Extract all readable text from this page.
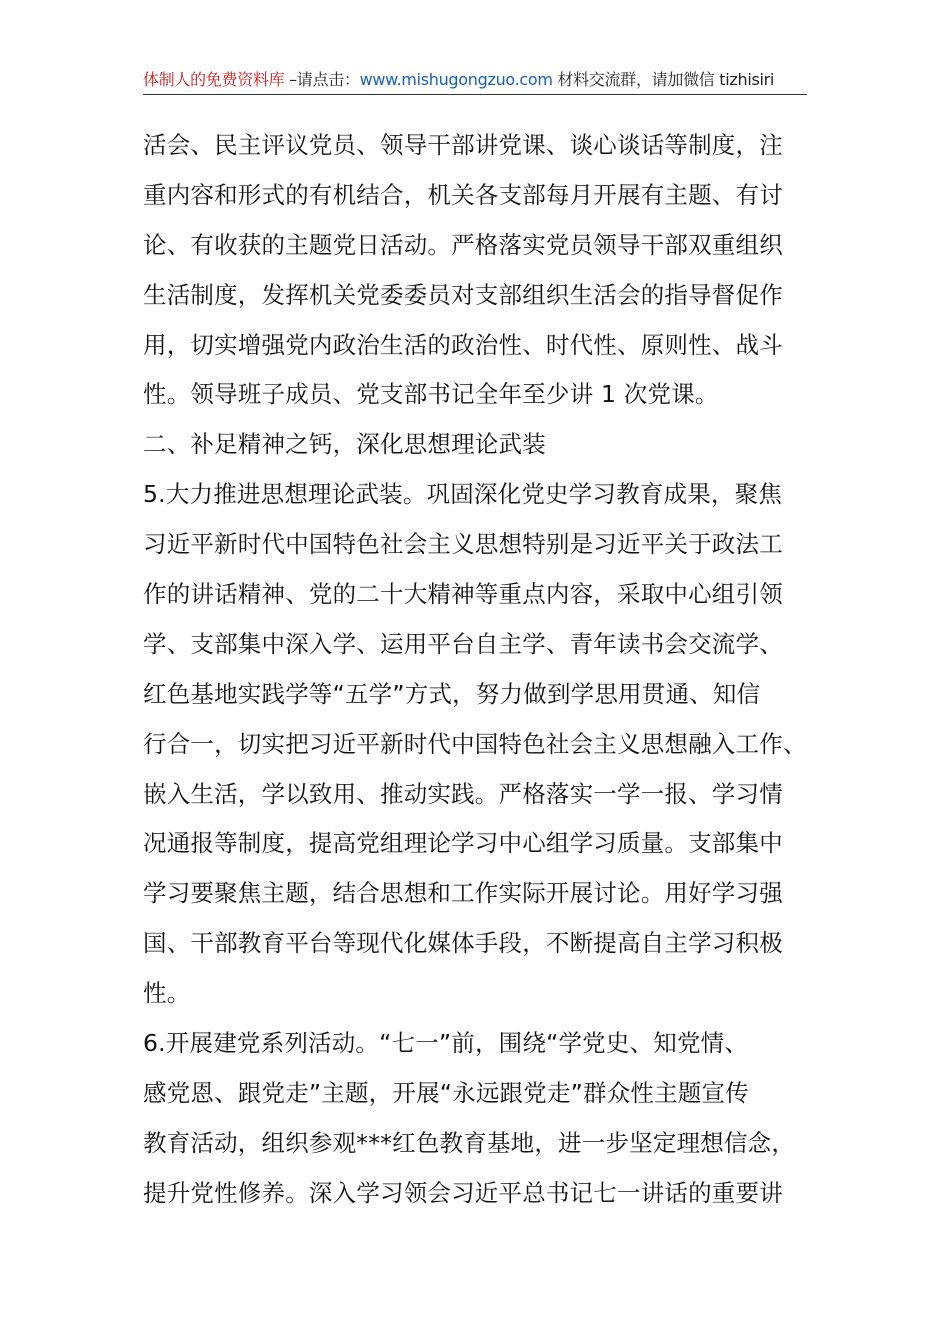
体制人的免费资料库 –请点击：www.mishugongzuo.com 材料交流群，请加微信 tizhisiri
活会、民主评议党员、领导干部讲党课、谈心谈话等制度，注
重内容和形式的有机结合，机关各支部每月开展有主题、有讨
论、有收获的主题党日活动。严格落实党员领导干部双重组织
生活制度，发挥机关党委委员对支部组织生活会的指导督促作
用，切实增强党内政治生活的政治性、时代性、原则性、战斗
性。领导班子成员、党支部书记全年至少讲 1 次党课。
二、补足精神之钙，深化思想理论武装
5.大力推进思想理论武装。巩固深化党史学习教育成果，聚焦
习近平新时代中国特色社会主义思想特别是习近平关于政法工
作的讲话精神、党的二十大精神等重点内容，采取中心组引领
学、支部集中深入学、运用平台自主学、青年读书会交流学、
红色基地实践学等“五学”方式，努力做到学思用贯通、知信
行合一，切实把习近平新时代中国特色社会主义思想融入工作、
嵌入生活，学以致用、推动实践。严格落实一学一报、学习情
况通报等制度，提高党组理论学习中心组学习质量。支部集中
学习要聚焦主题，结合思想和工作实际开展讨论。用好学习强
国、干部教育平台等现代化媒体手段，不断提高自主学习积极
性。
6.开展建党系列活动。“七一”前，围绕“学党史、知党情、
感党恩、跟党走”主题，开展“永远跟党走”群众性主题宣传
教育活动，组织参观***红色教育基地，进一步坚定理想信念，
提升党性修养。深入学习领会习近平总书记七一讲话的重要讲
